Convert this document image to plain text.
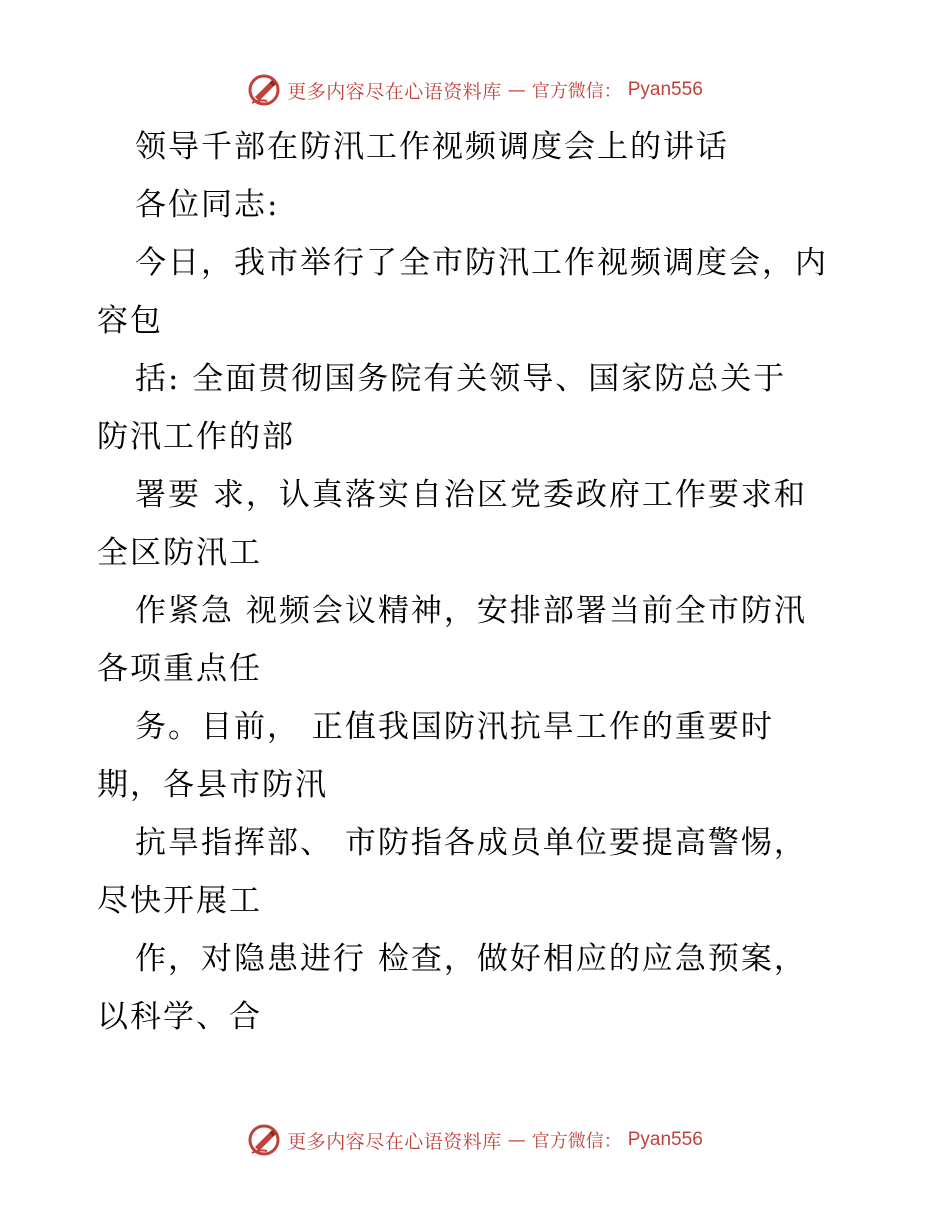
更多内容尽在心语资料库 — 官方微信： Pyan556
领导千部在防汛工作视频调度会上的讲话
各位同志:
今日，我市举行了全市防汛工作视频调度会，内
容包
括: 全面贯彻国务院有关领导、国家防总关于
防汛工作的部
署要 求，认真落实自治区党委政府工作要求和
全区防汛工
作紧急 视频会议精神，安排部署当前全市防汛
各项重点任
务。目前， 正值我国防汛抗旱工作的重要时
期，各县市防汛
抗旱指挥部、 市防指各成员单位要提高警惕，
尽快开展工
作，对隐患进行 检查，做好相应的应急预案，
以科学、合
更多内容尽在心语资料库 — 官方微信： Pyan556
